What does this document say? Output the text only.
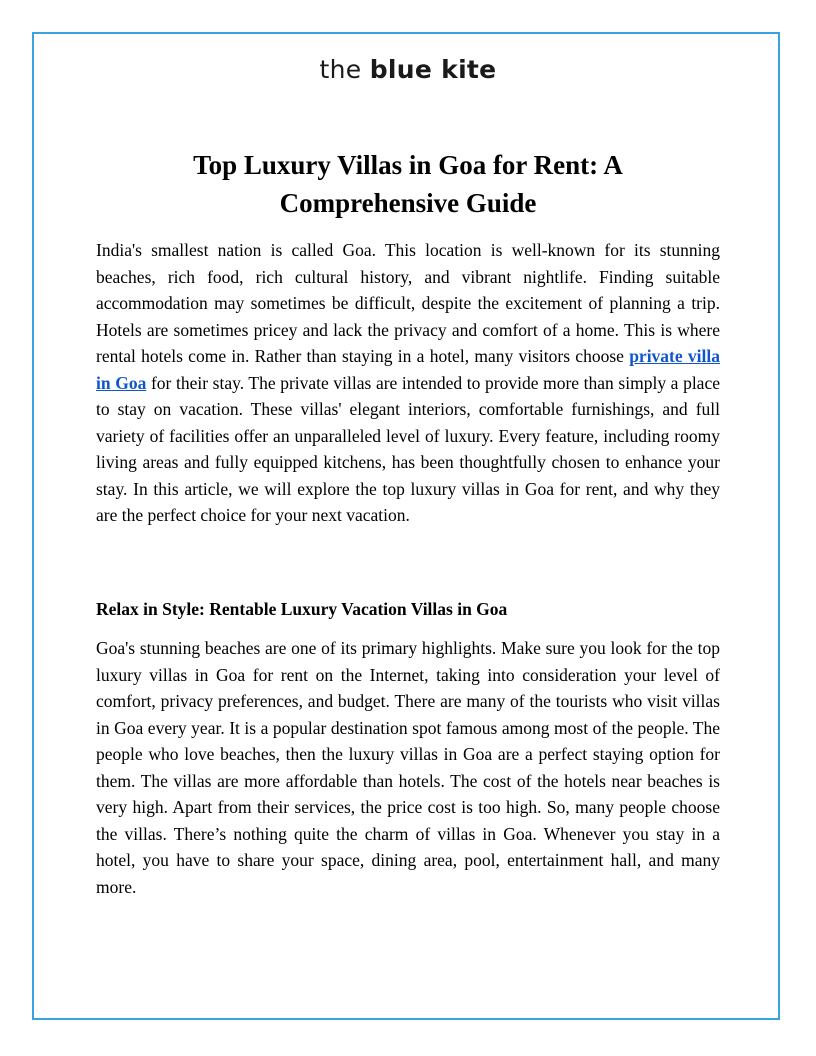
the blue kite
Top Luxury Villas in Goa for Rent: A Comprehensive Guide

India's smallest nation is called Goa. This location is well-known for its stunning beaches, rich food, rich cultural history, and vibrant nightlife. Finding suitable accommodation may sometimes be difficult, despite the excitement of planning a trip. Hotels are sometimes pricey and lack the privacy and comfort of a home. This is where rental hotels come in. Rather than staying in a hotel, many visitors choose private villa in Goa for their stay. The private villas are intended to provide more than simply a place to stay on vacation. These villas' elegant interiors, comfortable furnishings, and full variety of facilities offer an unparalleled level of luxury. Every feature, including roomy living areas and fully equipped kitchens, has been thoughtfully chosen to enhance your stay. In this article, we will explore the top luxury villas in Goa for rent, and why they are the perfect choice for your next vacation.

Relax in Style: Rentable Luxury Vacation Villas in Goa

Goa's stunning beaches are one of its primary highlights. Make sure you look for the top luxury villas in Goa for rent on the Internet, taking into consideration your level of comfort, privacy preferences, and budget. There are many of the tourists who visit villas in Goa every year. It is a popular destination spot famous among most of the people. The people who love beaches, then the luxury villas in Goa are a perfect staying option for them. The villas are more affordable than hotels. The cost of the hotels near beaches is very high. Apart from their services, the price cost is too high. So, many people choose the villas. There’s nothing quite the charm of villas in Goa. Whenever you stay in a hotel, you have to share your space, dining area, pool, entertainment hall, and many more.
